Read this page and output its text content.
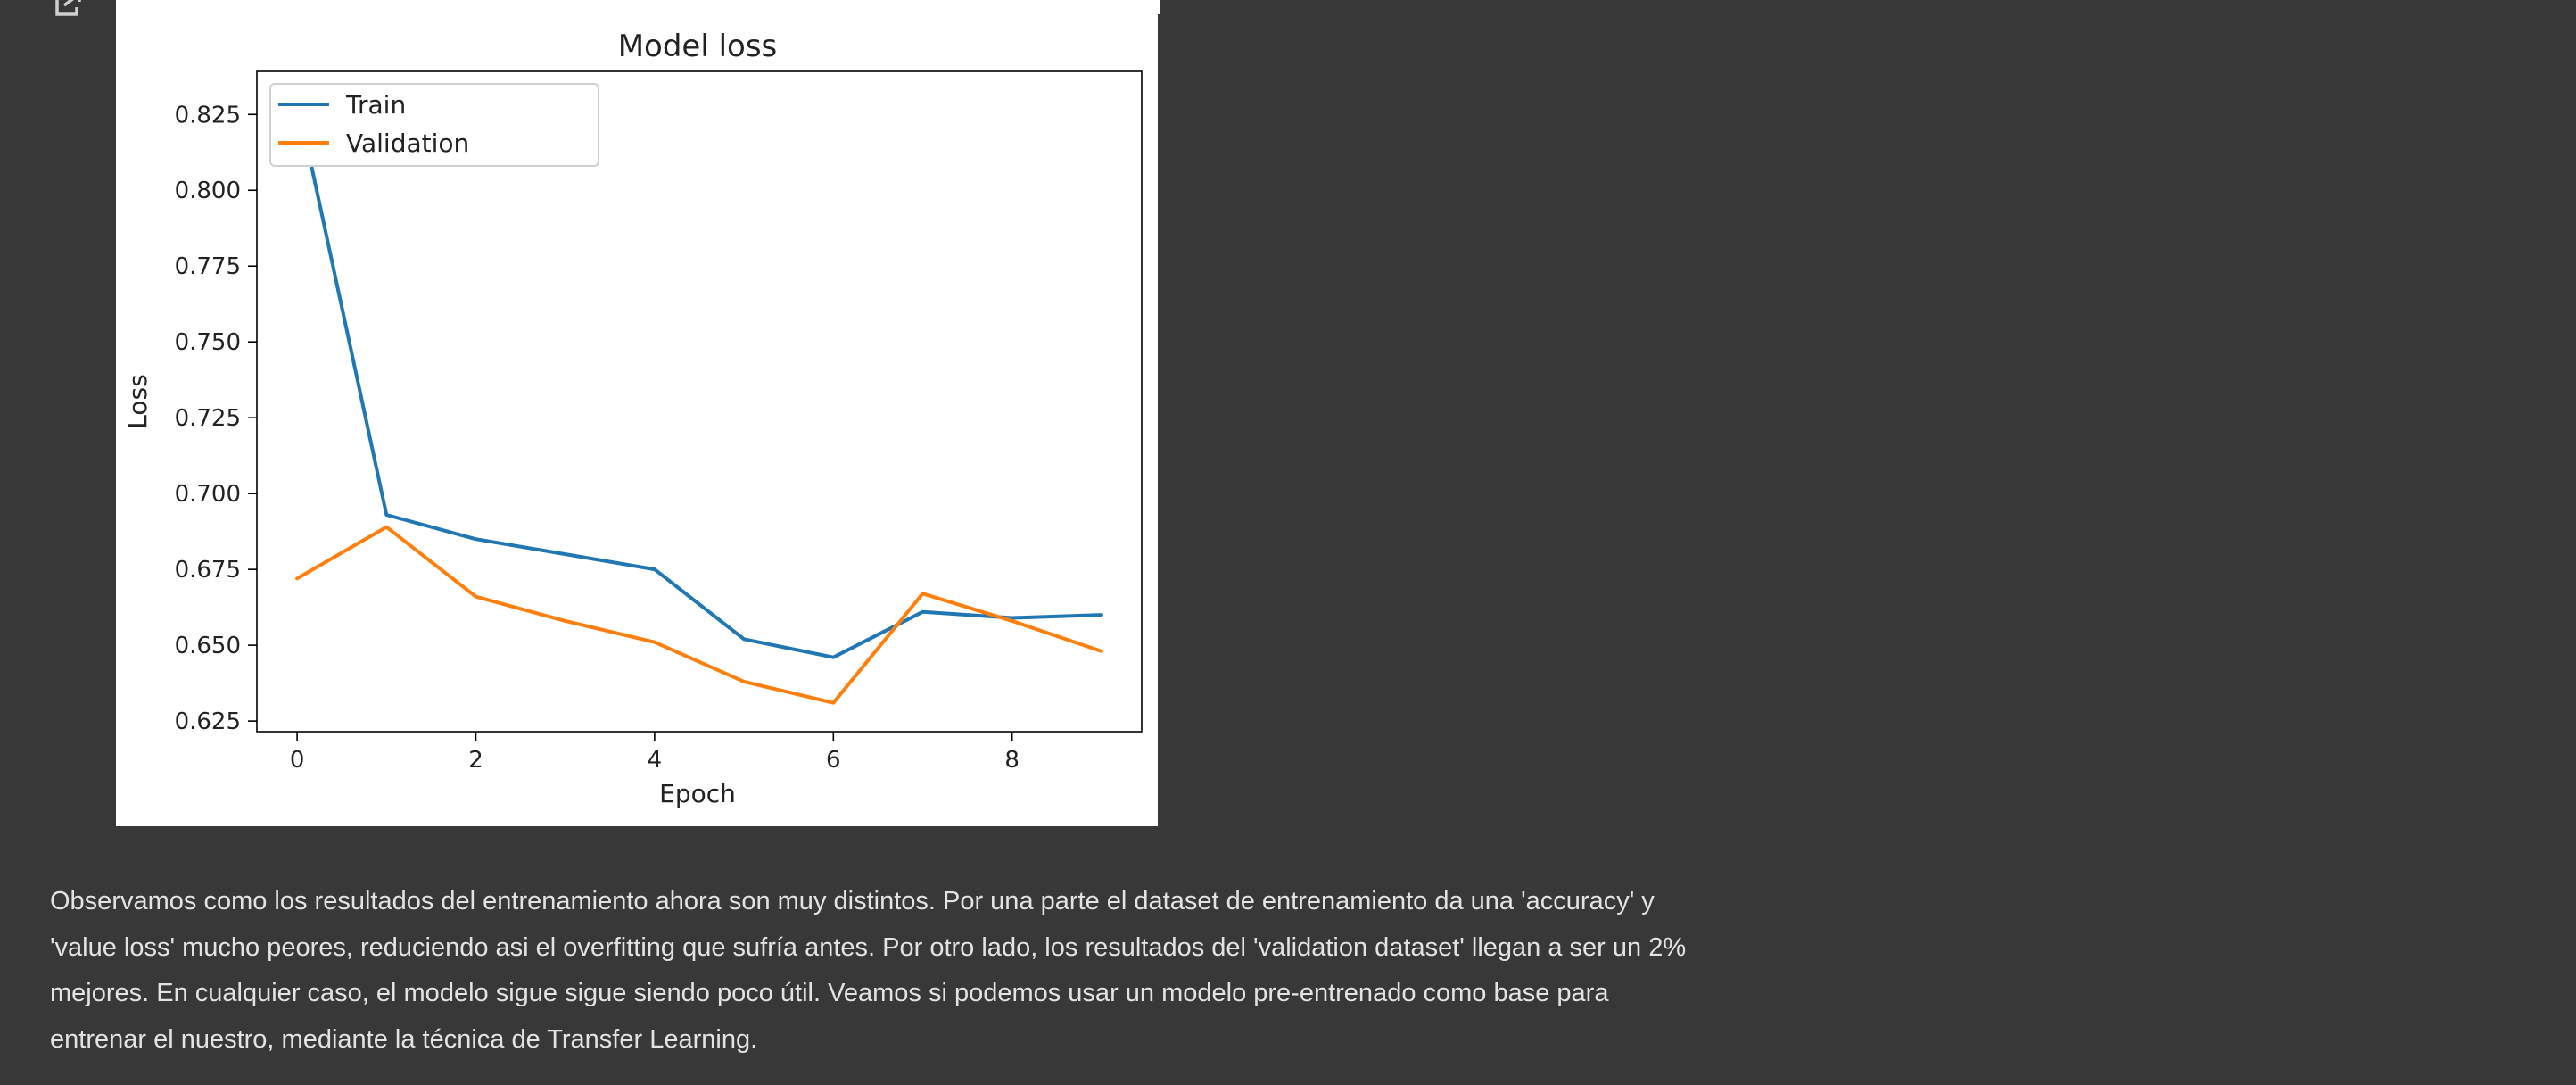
Model loss
0	2	4	6	8
0.625
0.650
0.675
0.700
0.725
0.750
0.775
0.800
0.825
Epoch
Loss
Train
Validation

Observamos como los resultados del entrenamiento ahora son muy distintos. Por una parte el dataset de entrenamiento da una 'accuracy' y

'value loss' mucho peores, reduciendo asi el overfitting que sufría antes. Por otro lado, los resultados del 'validation dataset' llegan a ser un 2%

mejores. En cualquier caso, el modelo sigue sigue siendo poco útil. Veamos si podemos usar un modelo pre-entrenado como base para

entrenar el nuestro, mediante la técnica de Transfer Learning.
